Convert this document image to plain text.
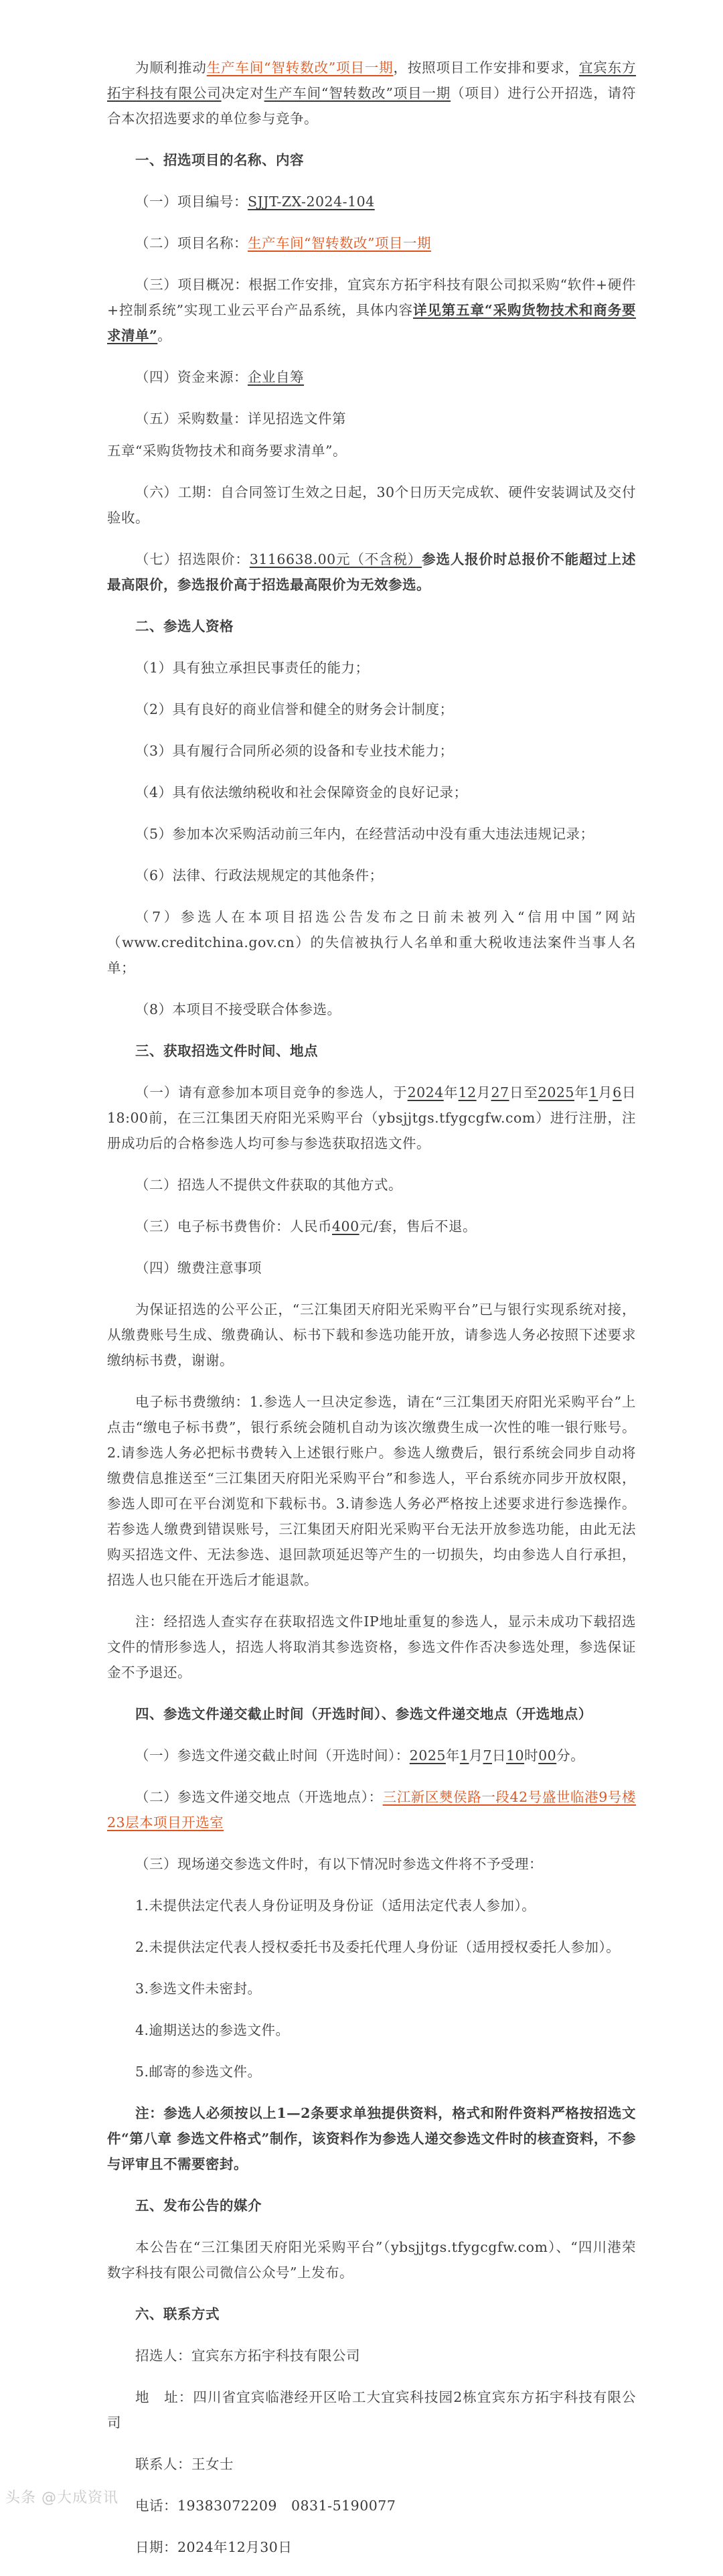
为顺利推动生产车间“智转数改”项目一期，按照项目工作安排和要求，宜宾东方拓宇科技有限公司决定对生产车间“智转数改”项目一期（项目）进行公开招选，请符合本次招选要求的单位参与竞争。

一、招选项目的名称、内容

（一）项目编号：SJJT-ZX-2024-104

（二）项目名称：生产车间“智转数改”项目一期

（三）项目概况：根据工作安排，宜宾东方拓宇科技有限公司拟采购“软件+硬件+控制系统”实现工业云平台产品系统，具体内容详见第五章“采购货物技术和商务要求清单”。

（四）资金来源：企业自筹

（五）采购数量：详见招选文件第

五章“采购货物技术和商务要求清单”。

（六）工期：自合同签订生效之日起，30个日历天完成软、硬件安装调试及交付验收。

（七）招选限价：3116638.00元（不含税）参选人报价时总报价不能超过上述最高限价，参选报价高于招选最高限价为无效参选。

二、参选人资格

（1）具有独立承担民事责任的能力；

（2）具有良好的商业信誉和健全的财务会计制度；

（3）具有履行合同所必须的设备和专业技术能力；

（4）具有依法缴纳税收和社会保障资金的良好记录；

（5）参加本次采购活动前三年内，在经营活动中没有重大违法违规记录；

（6）法律、行政法规规定的其他条件；

（7）参选人在本项目招选公告发布之日前未被列入“信用中国”网站（www.creditchina.gov.cn）的失信被执行人名单和重大税收违法案件当事人名单；

（8）本项目不接受联合体参选。

三、获取招选文件时间、地点

（一）请有意参加本项目竞争的参选人，于2024年12月27日至2025年1月6日18:00前，在三江集团天府阳光采购平台（ybsjjtgs.tfygcgfw.com）进行注册，注册成功后的合格参选人均可参与参选获取招选文件。

（二）招选人不提供文件获取的其他方式。

（三）电子标书费售价：人民币400元/套，售后不退。

（四）缴费注意事项

为保证招选的公平公正，“三江集团天府阳光采购平台”已与银行实现系统对接，从缴费账号生成、缴费确认、标书下载和参选功能开放，请参选人务必按照下述要求缴纳标书费，谢谢。

电子标书费缴纳：1.参选人一旦决定参选，请在“三江集团天府阳光采购平台”上点击“缴电子标书费”，银行系统会随机自动为该次缴费生成一次性的唯一银行账号。2.请参选人务必把标书费转入上述银行账户。参选人缴费后，银行系统会同步自动将缴费信息推送至“三江集团天府阳光采购平台”和参选人，平台系统亦同步开放权限，参选人即可在平台浏览和下载标书。3.请参选人务必严格按上述要求进行参选操作。若参选人缴费到错误账号，三江集团天府阳光采购平台无法开放参选功能，由此无法购买招选文件、无法参选、退回款项延迟等产生的一切损失，均由参选人自行承担，招选人也只能在开选后才能退款。

注：经招选人查实存在获取招选文件IP地址重复的参选人，显示未成功下载招选文件的情形参选人，招选人将取消其参选资格，参选文件作否决参选处理，参选保证金不予退还。

四、参选文件递交截止时间（开选时间）、参选文件递交地点（开选地点）

（一）参选文件递交截止时间（开选时间）：2025年1月7日10时00分。

（二）参选文件递交地点（开选地点）：三江新区僰侯路一段42号盛世临港9号楼23层本项目开选室

（三）现场递交参选文件时，有以下情况时参选文件将不予受理：

1.未提供法定代表人身份证明及身份证（适用法定代表人参加）。

2.未提供法定代表人授权委托书及委托代理人身份证（适用授权委托人参加）。

3.参选文件未密封。

4.逾期送达的参选文件。

5.邮寄的参选文件。

注：参选人必须按以上1—2条要求单独提供资料，格式和附件资料严格按招选文件“第八章 参选文件格式”制作，该资料作为参选人递交参选文件时的核查资料，不参与评审且不需要密封。

五、发布公告的媒介

本公告在“三江集团天府阳光采购平台”（ybsjjtgs.tfygcgfw.com）、“四川港荣数字科技有限公司微信公众号”上发布。

六、联系方式

招选人：宜宾东方拓宇科技有限公司

地　址：四川省宜宾临港经开区哈工大宜宾科技园2栋宜宾东方拓宇科技有限公司

联系人：王女士

电话：19383072209　0831-5190077

日期：2024年12月30日

头条 @大成资讯
